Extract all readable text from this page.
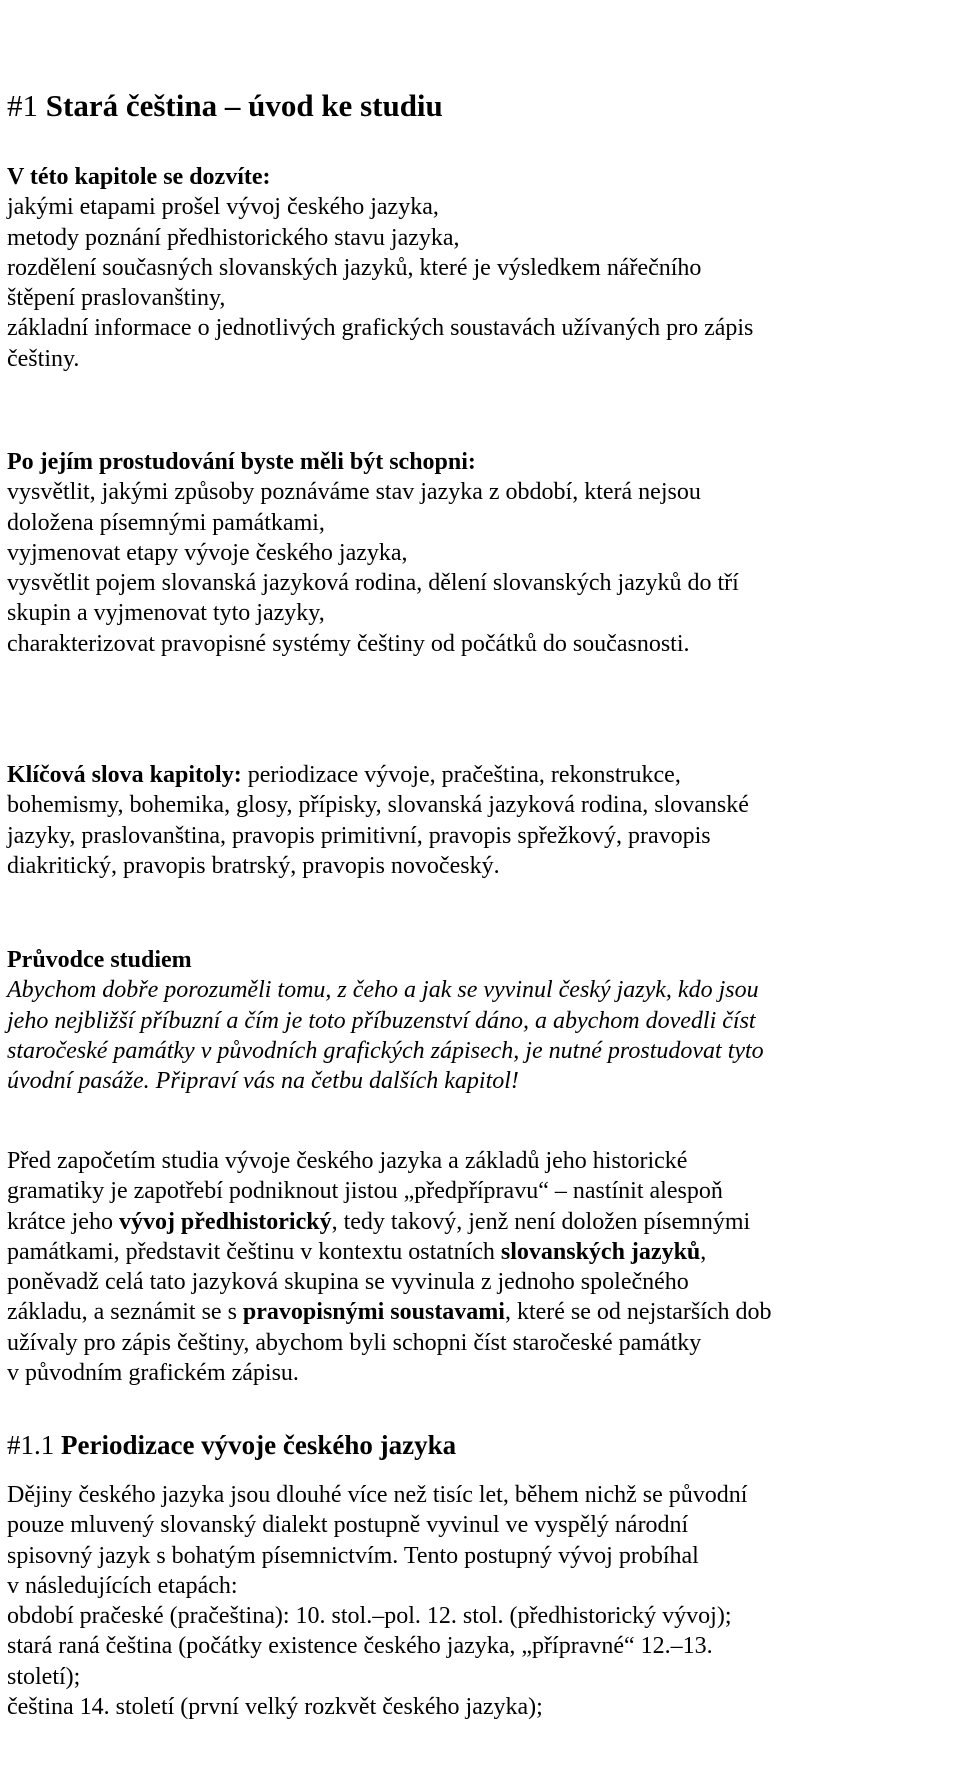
#1 Stará čeština – úvod ke studiu
V této kapitole se dozvíte:
jakými etapami prošel vývoj českého jazyka,
metody poznání předhistorického stavu jazyka,
rozdělení současných slovanských jazyků, které je výsledkem nářečního
štěpení praslovanštiny,
základní informace o jednotlivých grafických soustavách užívaných pro zápis
češtiny.
Po jejím prostudování byste měli být schopni:
vysvětlit, jakými způsoby poznáváme stav jazyka z období, která nejsou
doložena písemnými památkami,
vyjmenovat etapy vývoje českého jazyka,
vysvětlit pojem slovanská jazyková rodina, dělení slovanských jazyků do tří
skupin a vyjmenovat tyto jazyky,
charakterizovat pravopisné systémy češtiny od počátků do současnosti.
Klíčová slova kapitoly: periodizace vývoje, pračeština, rekonstrukce,
bohemismy, bohemika, glosy, přípisky, slovanská jazyková rodina, slovanské
jazyky, praslovanština, pravopis primitivní, pravopis spřežkový, pravopis
diakritický, pravopis bratrský, pravopis novočeský.
Průvodce studiem
Abychom dobře porozuměli tomu, z čeho a jak se vyvinul český jazyk, kdo jsou
jeho nejbližší příbuzní a čím je toto příbuzenství dáno, a abychom dovedli číst
staročeské památky v původních grafických zápisech, je nutné prostudovat tyto
úvodní pasáže. Připraví vás na četbu dalších kapitol!
Před započetím studia vývoje českého jazyka a základů jeho historické
gramatiky je zapotřebí podniknout jistou „předpřípravu“ – nastínit alespoň
krátce jeho vývoj předhistorický, tedy takový, jenž není doložen písemnými
památkami, představit češtinu v kontextu ostatních slovanských jazyků,
poněvadž celá tato jazyková skupina se vyvinula z jednoho společného
základu, a seznámit se s pravopisnými soustavami, které se od nejstarších dob
užívaly pro zápis češtiny, abychom byli schopni číst staročeské památky
v původním grafickém zápisu.
#1.1 Periodizace vývoje českého jazyka
Dějiny českého jazyka jsou dlouhé více než tisíc let, během nichž se původní
pouze mluvený slovanský dialekt postupně vyvinul ve vyspělý národní
spisovný jazyk s bohatým písemnictvím. Tento postupný vývoj probíhal
v následujících etapách:
období pračeské (pračeština): 10. stol.–pol. 12. stol. (předhistorický vývoj);
stará raná čeština (počátky existence českého jazyka, „přípravné“ 12.–13.
století);
čeština 14. století (první velký rozkvět českého jazyka);
